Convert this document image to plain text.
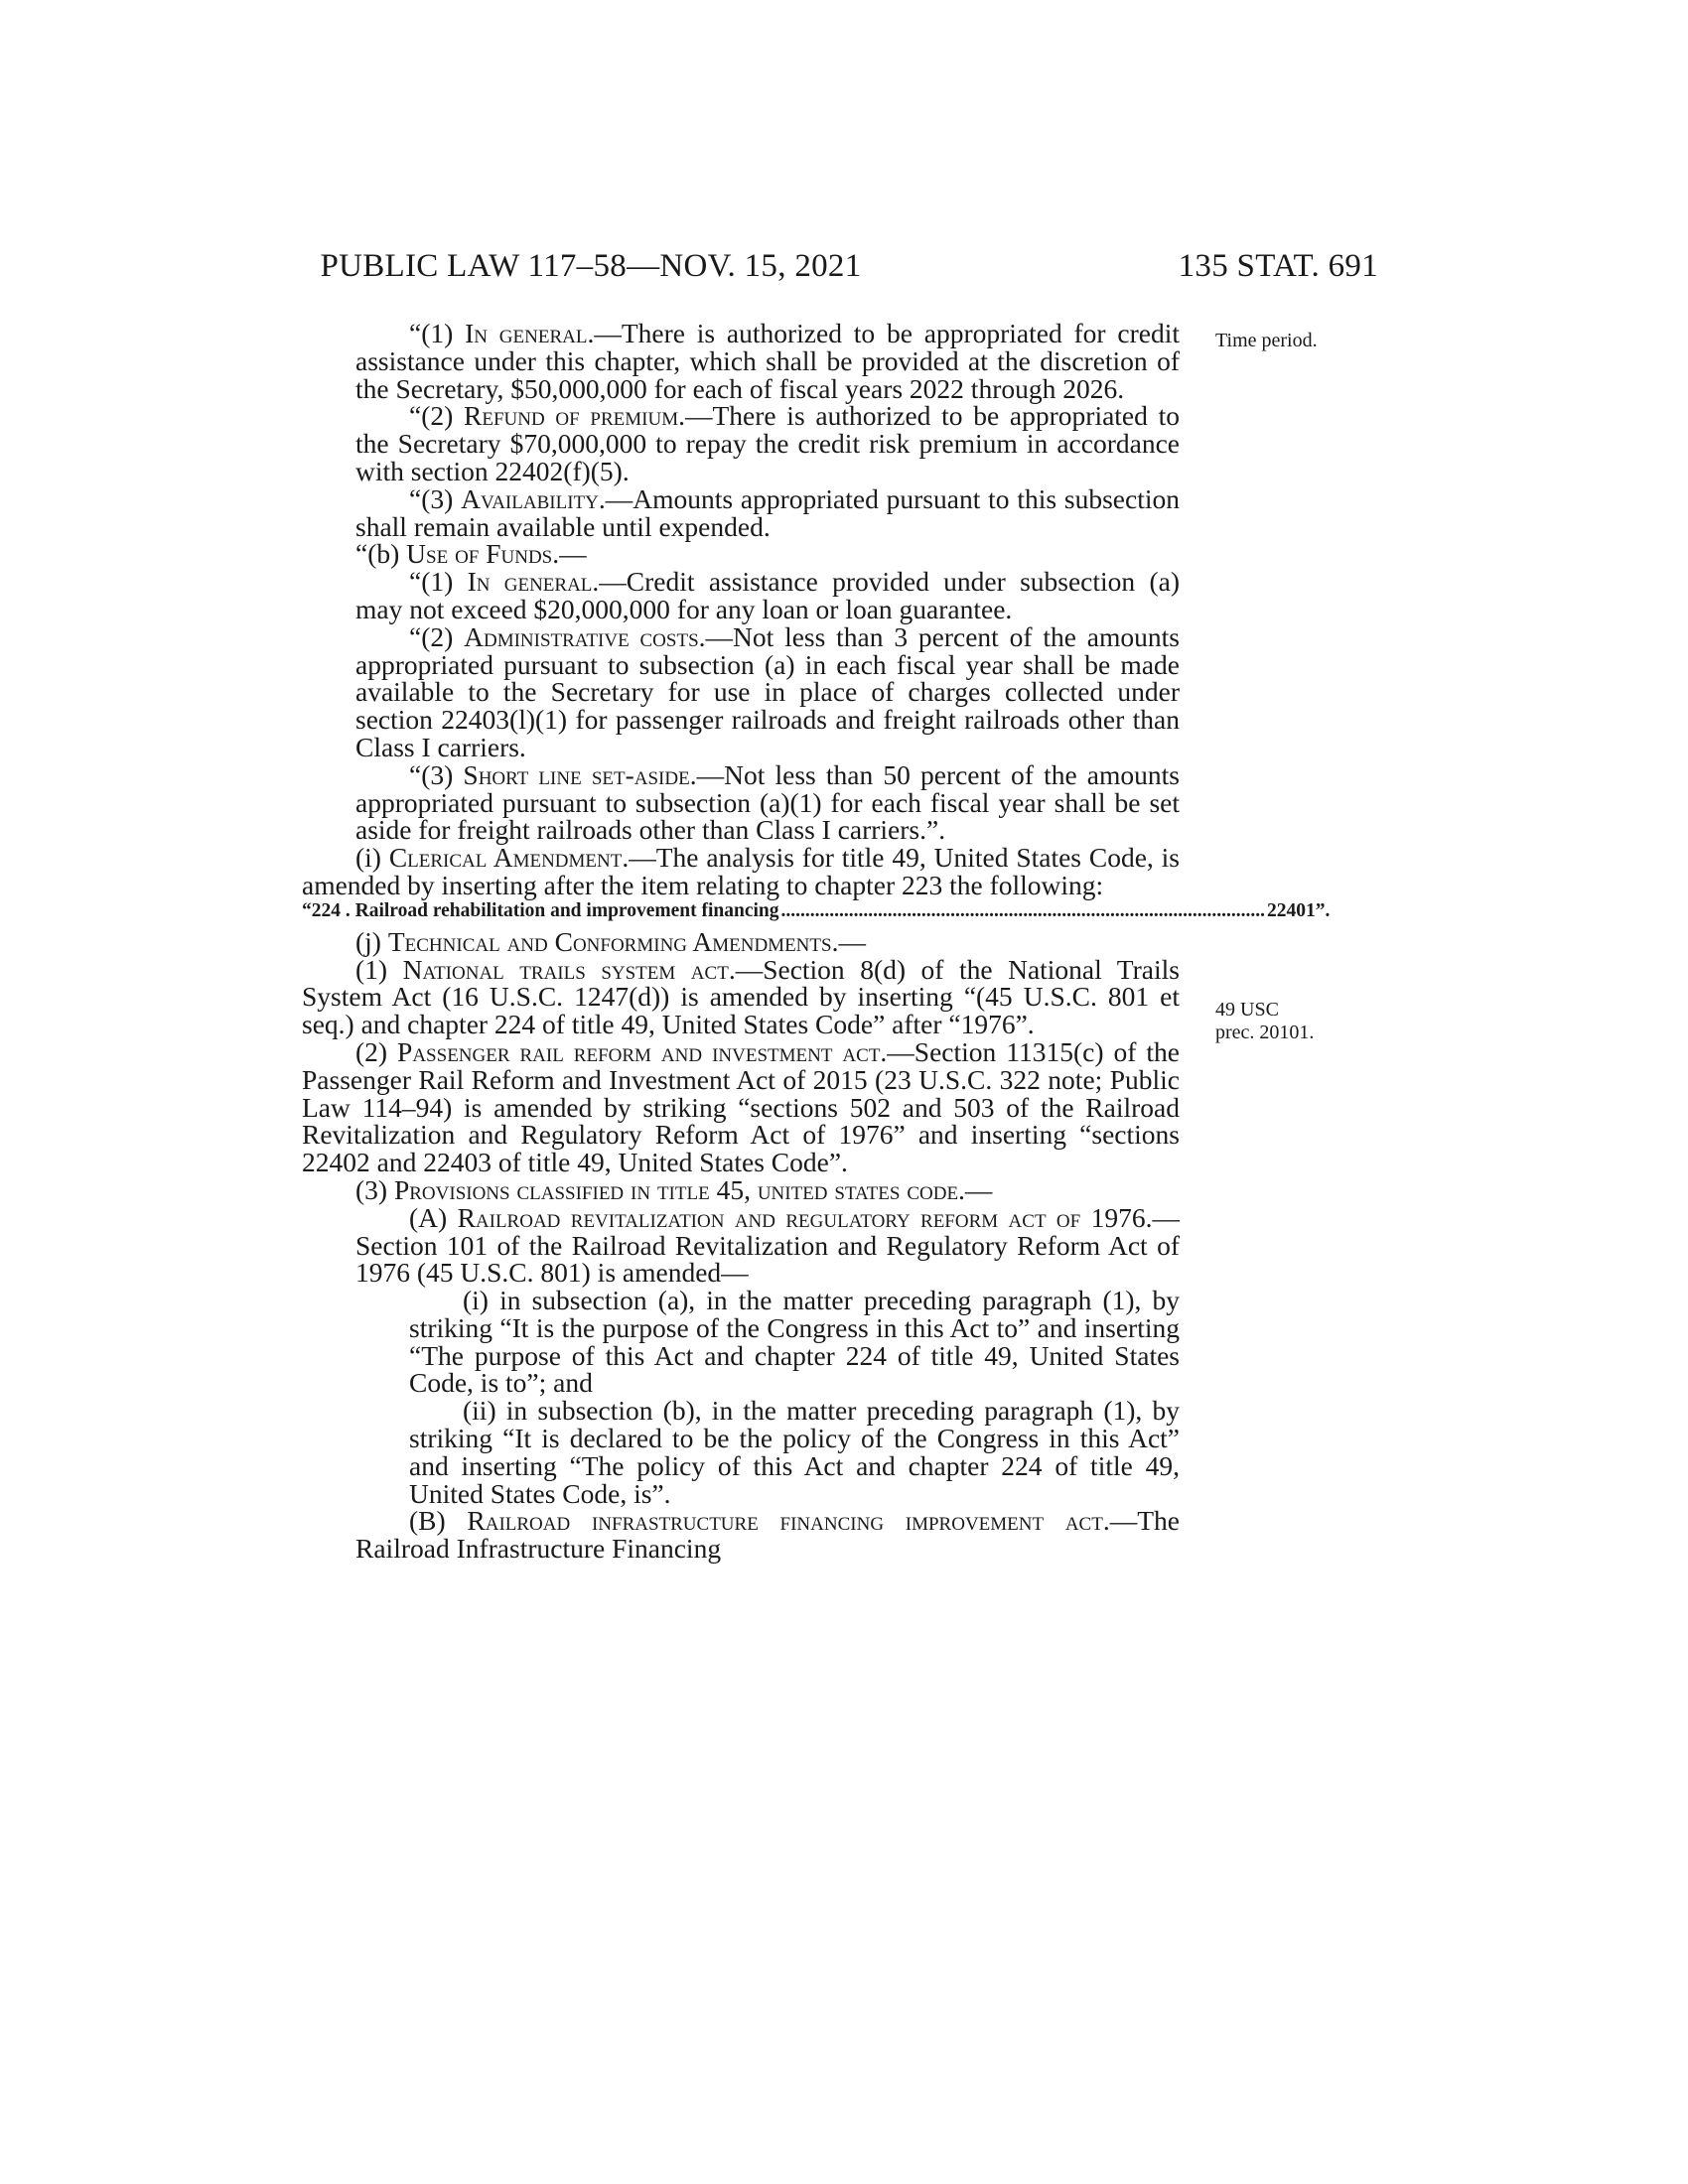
PUBLIC LAW 117–58—NOV. 15, 2021	135 STAT. 691
Time period.
49 USC
prec. 20101.

“(1) In general.—There is authorized to be appropriated for credit assistance under this chapter, which shall be provided at the discretion of the Secretary, $50,000,000 for each of fiscal years 2022 through 2026.

“(2) Refund of premium.—There is authorized to be appropriated to the Secretary $70,000,000 to repay the credit risk premium in accordance with section 22402(f)(5).

“(3) Availability.—Amounts appropriated pursuant to this subsection shall remain available until expended.

“(b) Use of Funds.—

“(1) In general.—Credit assistance provided under subsection (a) may not exceed $20,000,000 for any loan or loan guarantee.

“(2) Administrative costs.—Not less than 3 percent of the amounts appropriated pursuant to subsection (a) in each fiscal year shall be made available to the Secretary for use in place of charges collected under section 22403(l)(1) for passenger railroads and freight railroads other than Class I carriers.

“(3) Short line set-aside.—Not less than 50 percent of the amounts appropriated pursuant to subsection (a)(1) for each fiscal year shall be set aside for freight railroads other than Class I carriers.”.

(i) Clerical Amendment.—The analysis for title 49, United States Code, is amended by inserting after the item relating to chapter 223 the following:

“224 . Railroad rehabilitation and improvement financing .................................................................................................... 22401”.

(j) Technical and Conforming Amendments.—

(1) National trails system act.—Section 8(d) of the National Trails System Act (16 U.S.C. 1247(d)) is amended by inserting “(45 U.S.C. 801 et seq.) and chapter 224 of title 49, United States Code” after “1976”.

(2) Passenger rail reform and investment act.—Section 11315(c) of the Passenger Rail Reform and Investment Act of 2015 (23 U.S.C. 322 note; Public Law 114–94) is amended by striking “sections 502 and 503 of the Railroad Revitalization and Regulatory Reform Act of 1976” and inserting “sections 22402 and 22403 of title 49, United States Code”.

(3) Provisions classified in title 45, united states code.—

(A) Railroad revitalization and regulatory reform act of 1976.—Section 101 of the Railroad Revitalization and Regulatory Reform Act of 1976 (45 U.S.C. 801) is amended—

(i) in subsection (a), in the matter preceding paragraph (1), by striking “It is the purpose of the Congress in this Act to” and inserting “The purpose of this Act and chapter 224 of title 49, United States Code, is to”; and

(ii) in subsection (b), in the matter preceding paragraph (1), by striking “It is declared to be the policy of the Congress in this Act” and inserting “The policy of this Act and chapter 224 of title 49, United States Code, is”.

(B) Railroad infrastructure financing improvement act.—The Railroad Infrastructure Financing
